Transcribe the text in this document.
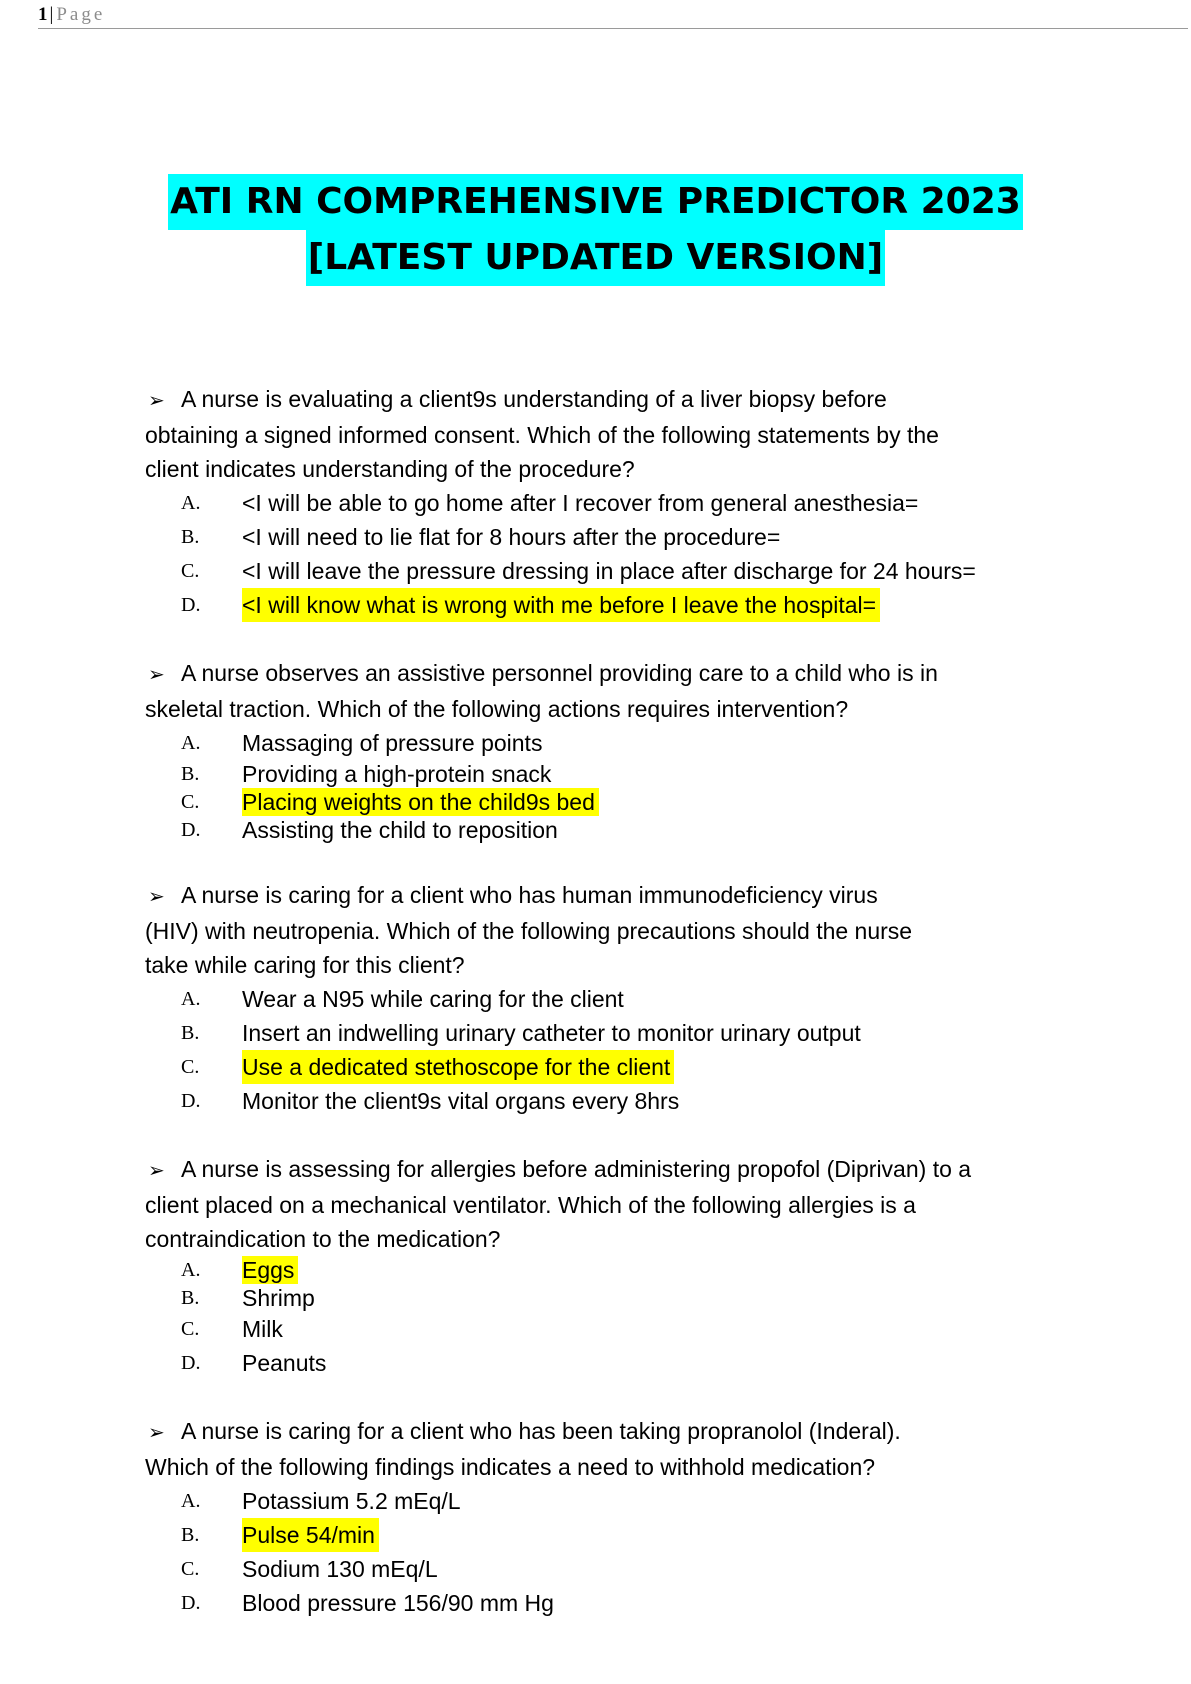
1 | Page
ATI RN COMPREHENSIVE PREDICTOR 2023
[LATEST UPDATED VERSION]
➢ A nurse is evaluating a client9s understanding of a liver biopsy before
obtaining a signed informed consent. Which of the following statements by the
client indicates understanding of the procedure?
A.	<I will be able to go home after I recover from general anesthesia=
B.	<I will need to lie flat for 8 hours after the procedure=
C.	<I will leave the pressure dressing in place after discharge for 24 hours=
D.	<I will know what is wrong with me before I leave the hospital=
➢ A nurse observes an assistive personnel providing care to a child who is in
skeletal traction. Which of the following actions requires intervention?
A.	Massaging of pressure points
B.	Providing a high-protein snack
C.	Placing weights on the child9s bed
D.	Assisting the child to reposition
➢ A nurse is caring for a client who has human immunodeficiency virus
(HIV) with neutropenia. Which of the following precautions should the nurse
take while caring for this client?
A.	Wear a N95 while caring for the client
B.	Insert an indwelling urinary catheter to monitor urinary output
C.	Use a dedicated stethoscope for the client
D.	Monitor the client9s vital organs every 8hrs
➢ A nurse is assessing for allergies before administering propofol (Diprivan) to a
client placed on a mechanical ventilator. Which of the following allergies is a
contraindication to the medication?
A.	Eggs
B.	Shrimp
C.	Milk
D.	Peanuts
➢ A nurse is caring for a client who has been taking propranolol (Inderal).
Which of the following findings indicates a need to withhold medication?
A.	Potassium 5.2 mEq/L
B.	Pulse 54/min
C.	Sodium 130 mEq/L
D.	Blood pressure 156/90 mm Hg
